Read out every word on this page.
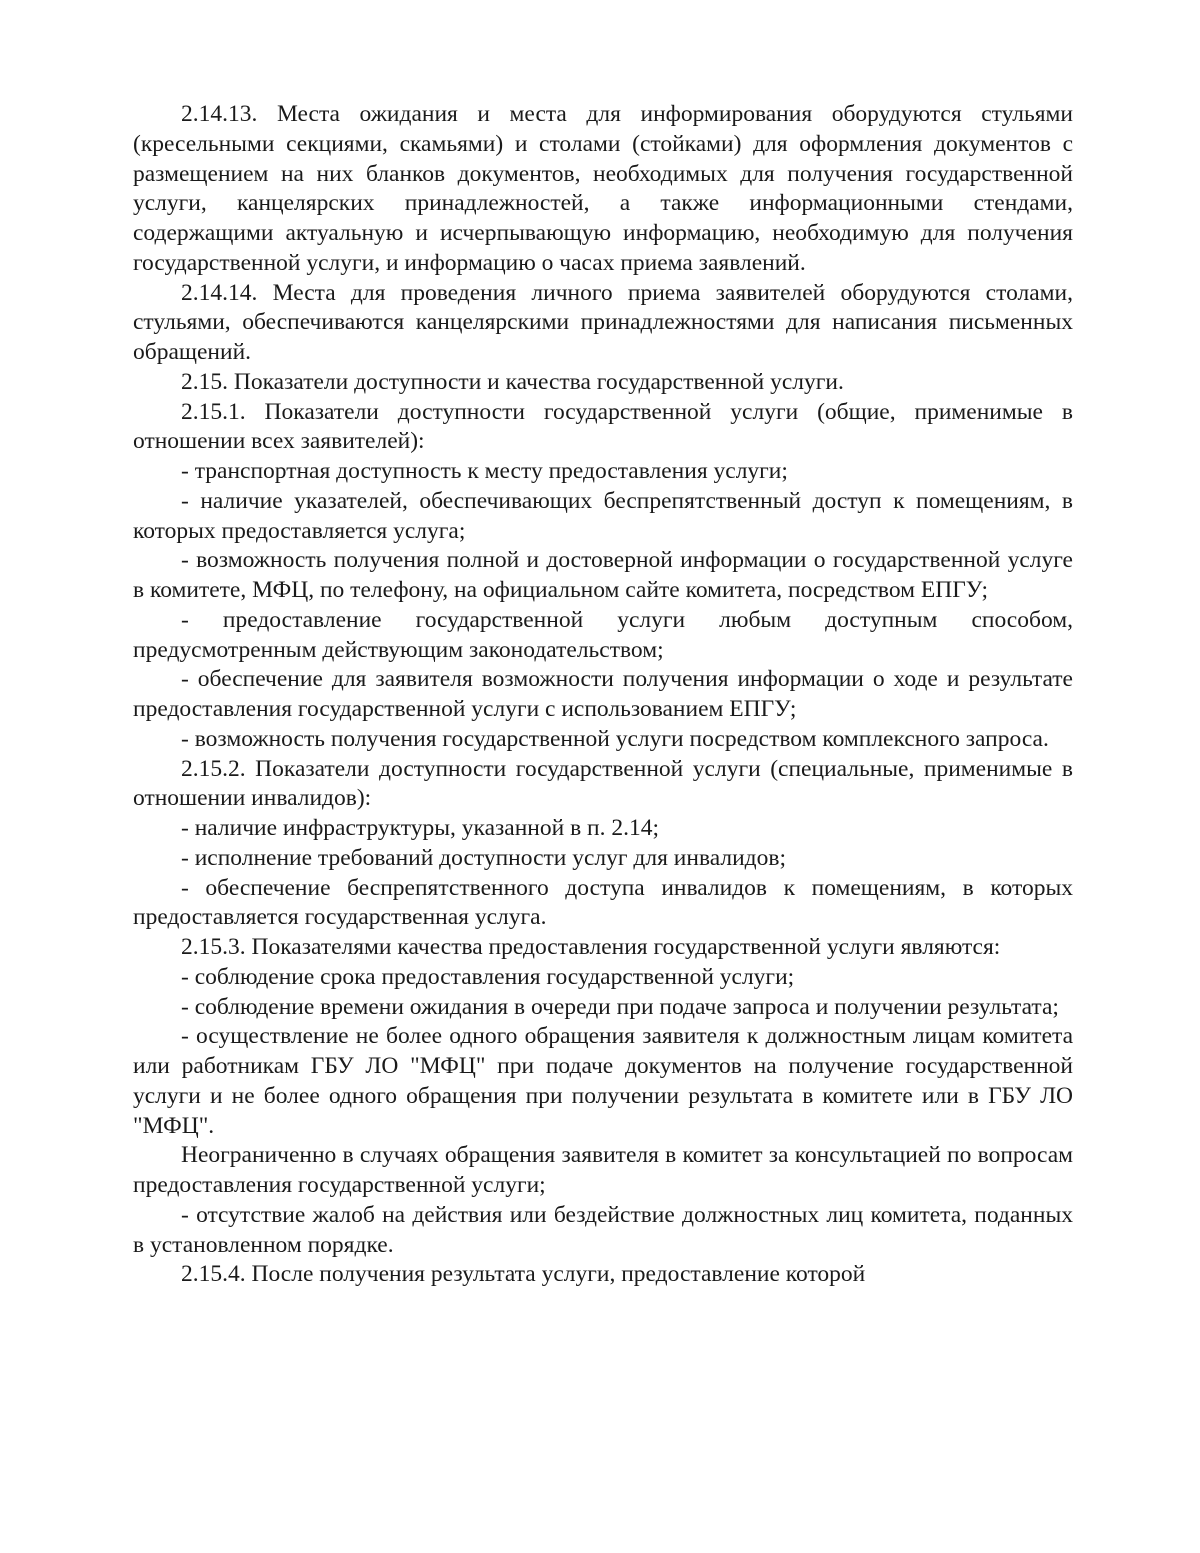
2.14.13. Места ожидания и места для информирования оборудуются стульями (кресельными секциями, скамьями) и столами (стойками) для оформления документов с размещением на них бланков документов, необходимых для получения государственной услуги, канцелярских принадлежностей, а также информационными стендами, содержащими актуальную и исчерпывающую информацию, необходимую для получения государственной услуги, и информацию о часах приема заявлений.

2.14.14. Места для проведения личного приема заявителей оборудуются столами, стульями, обеспечиваются канцелярскими принадлежностями для написания письменных обращений.

2.15. Показатели доступности и качества государственной услуги.

2.15.1. Показатели доступности государственной услуги (общие, применимые в отношении всех заявителей):

- транспортная доступность к месту предоставления услуги;

- наличие указателей, обеспечивающих беспрепятственный доступ к помещениям, в которых предоставляется услуга;

- возможность получения полной и достоверной информации о государственной услуге в комитете, МФЦ, по телефону, на официальном сайте комитета, посредством ЕПГУ;

- предоставление государственной услуги любым доступным способом, предусмотренным действующим законодательством;

- обеспечение для заявителя возможности получения информации о ходе и результате предоставления государственной услуги с использованием ЕПГУ;

- возможность получения государственной услуги посредством комплексного запроса.

2.15.2. Показатели доступности государственной услуги (специальные, применимые в отношении инвалидов):

- наличие инфраструктуры, указанной в п. 2.14;

- исполнение требований доступности услуг для инвалидов;

- обеспечение беспрепятственного доступа инвалидов к помещениям, в которых предоставляется государственная услуга.

2.15.3. Показателями качества предоставления государственной услуги являются:

- соблюдение срока предоставления государственной услуги;

- соблюдение времени ожидания в очереди при подаче запроса и получении результата;

- осуществление не более одного обращения заявителя к должностным лицам комитета или работникам ГБУ ЛО "МФЦ" при подаче документов на получение государственной услуги и не более одного обращения при получении результата в комитете или в ГБУ ЛО "МФЦ".

Неограниченно в случаях обращения заявителя в комитет за консультацией по вопросам предоставления государственной услуги;

- отсутствие жалоб на действия или бездействие должностных лиц комитета, поданных в установленном порядке.

2.15.4. После получения результата услуги, предоставление которой
